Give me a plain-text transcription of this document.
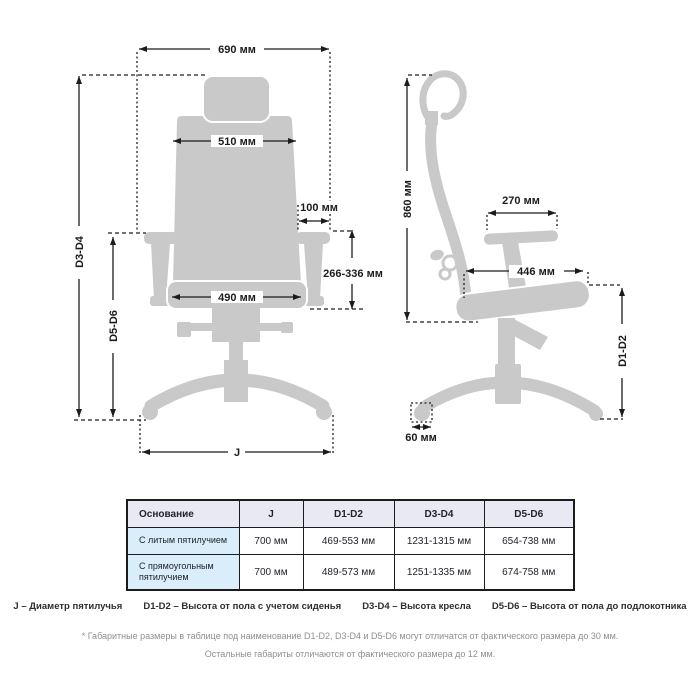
690 мм
510 мм
490 мм
100 мм
266-336 мм
D3-D4
D5-D6
J
860 мм	270 мм
446 мм
D1-D2
60 мм
Основание	J	D1-D2	D3-D4	D5-D6
С литым пятилучием	700 мм	469-553 мм	1231-1315 мм	654-738 мм
С прямоугольным пятилучием	700 мм	489-573 мм	1251-1335 мм	674-758 мм
J – Диаметр пятилучья D1-D2 – Высота от пола с учетом сиденья D3-D4 – Высота кресла D5-D6 – Высота от пола до подлокотника
* Габаритные размеры в таблице под наименование D1-D2, D3-D4 и D5-D6 могут отличатся от фактического размера до 30 мм.
Остальные габариты отличаются от фактического размера до 12 мм.
